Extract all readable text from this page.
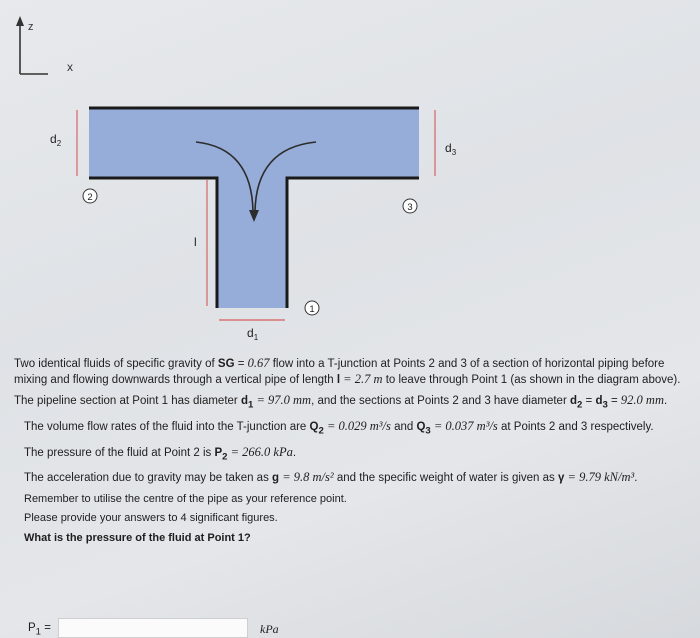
z
x
$d_2$	$d_3$
$d_1$
l
2
3
1

Two identical fluids of specific gravity of SG = 0.67 flow into a T-junction at Points 2 and 3 of a section of horizontal piping before mixing and flowing downwards through a vertical pipe of length l = 2.7 m to leave through Point 1 (as shown in the diagram above).

The pipeline section at Point 1 has diameter $d_1 = 97.0$ mm, and the sections at Points 2 and 3 have diameter $d_2 = d_3 = 92.0$ mm.

The volume flow rates of the fluid into the T-junction are $Q_2 = 0.029$ m³/s and $Q_3 = 0.037$ m³/s at Points 2 and 3 respectively.

The pressure of the fluid at Point 2 is $P_2 = 266.0$ kPa.

The acceleration due to gravity may be taken as g = 9.8 m/s² and the specific weight of water is given as γ = 9.79 kN/m³.

Remember to utilise the centre of the pipe as your reference point.

Please provide your answers to 4 significant figures.

What is the pressure of the fluid at Point 1?

$P_1$ =	kPa
